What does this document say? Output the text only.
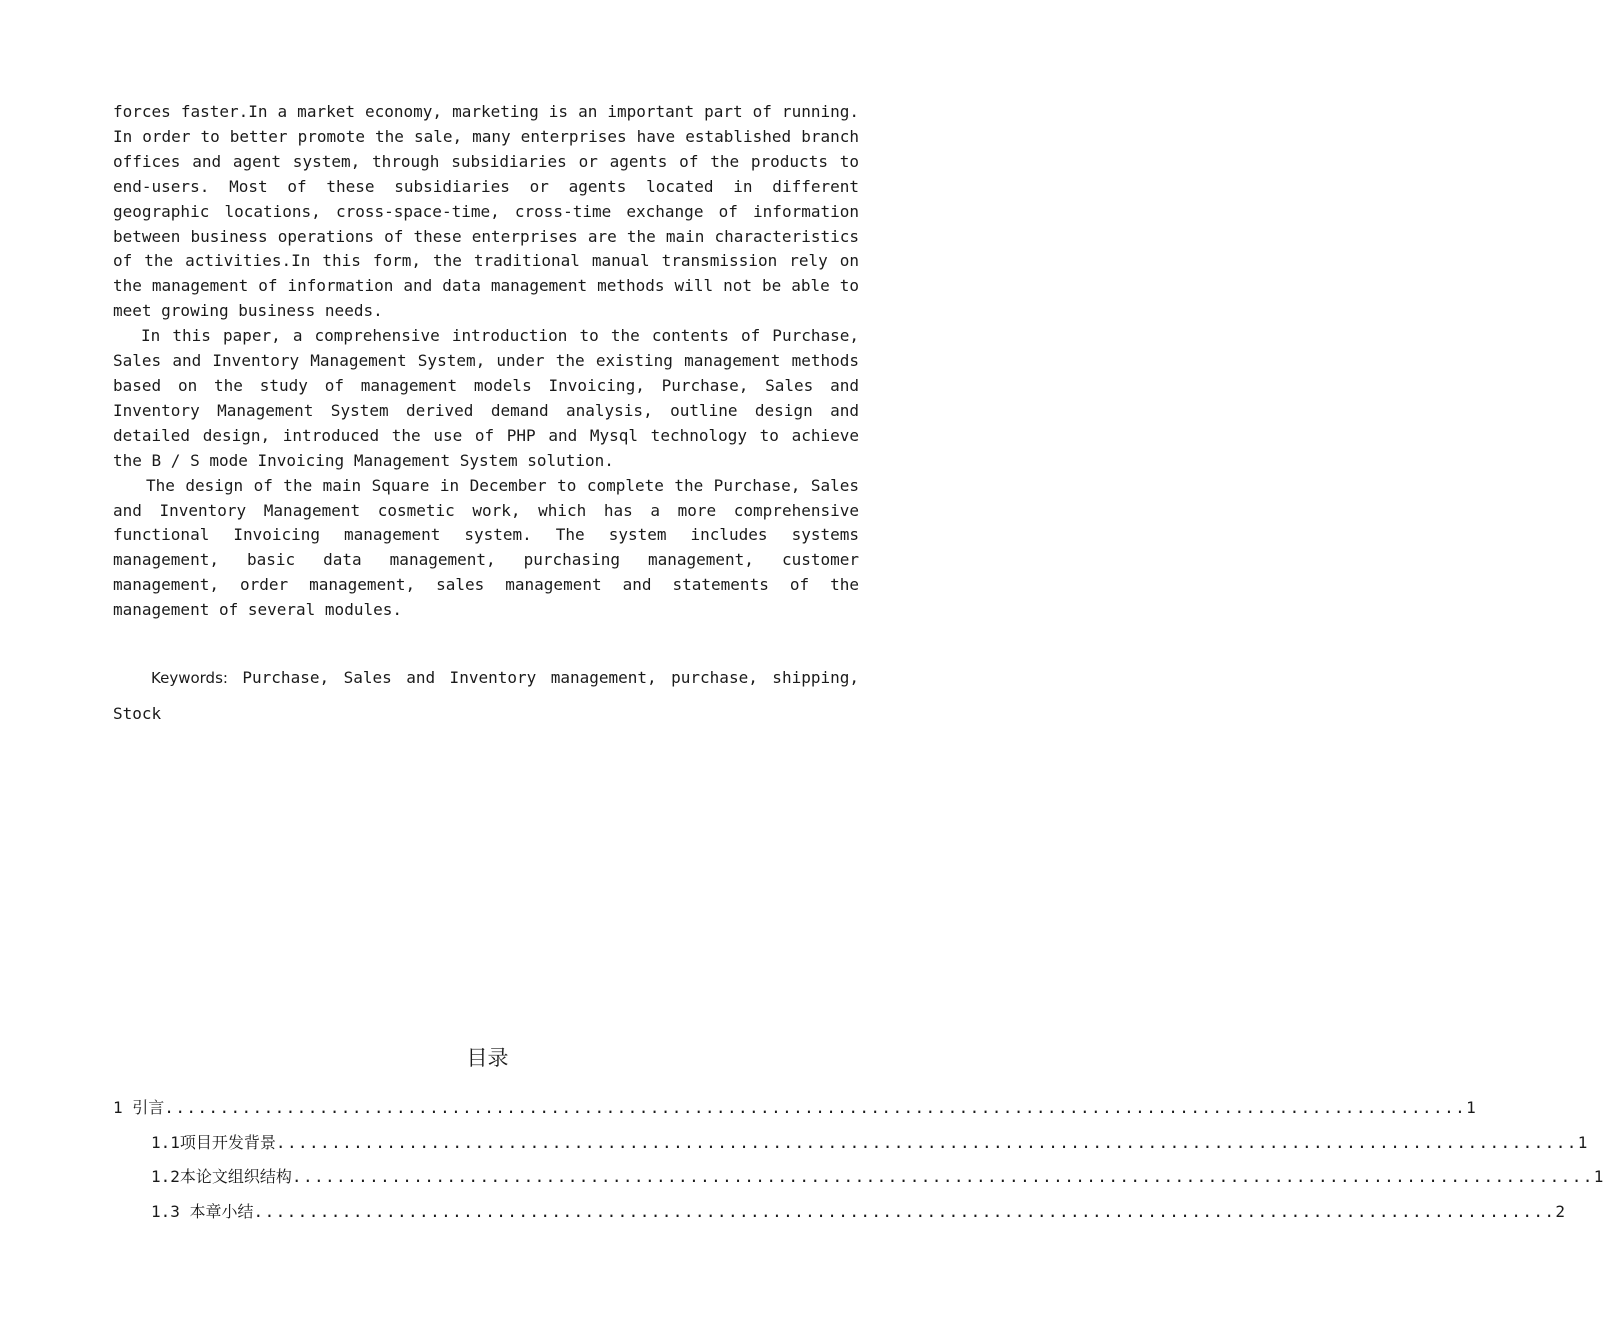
forces faster.In a market economy, marketing is an important part of running. In order to better promote the sale, many enterprises have established branch offices and agent system, through subsidiaries or agents of the products to end-users. Most of these subsidiaries or agents located in different geographic locations, cross-space-time, cross-time exchange of information between business operations of these enterprises are the main characteristics of the activities.In this form, the traditional manual transmission rely on the management of information and data management methods will not be able to meet growing business needs.

In this paper, a comprehensive introduction to the contents of Purchase, Sales and Inventory Management System, under the existing management methods based on the study of management models Invoicing, Purchase, Sales and Inventory Management System derived demand analysis, outline design and detailed design, introduced the use of PHP and Mysql technology to achieve the B / S mode Invoicing Management System solution.

The design of the main Square in December to complete the Purchase, Sales and Inventory Management cosmetic work, which has a more comprehensive functional Invoicing management system. The system includes systems management, basic data management, purchasing management, customer management, order management, sales management and statements of the management of several modules.

Keywords: Purchase, Sales and Inventory management, purchase, shipping, Stock
目录
1 引言 ...................................................................................................................... 1
1.1项目开发背景 ...................................................................................................................... 1
1.2本论文组织结构 ...................................................................................................................... 1
1.3 本章小结 ...................................................................................................................... 2
